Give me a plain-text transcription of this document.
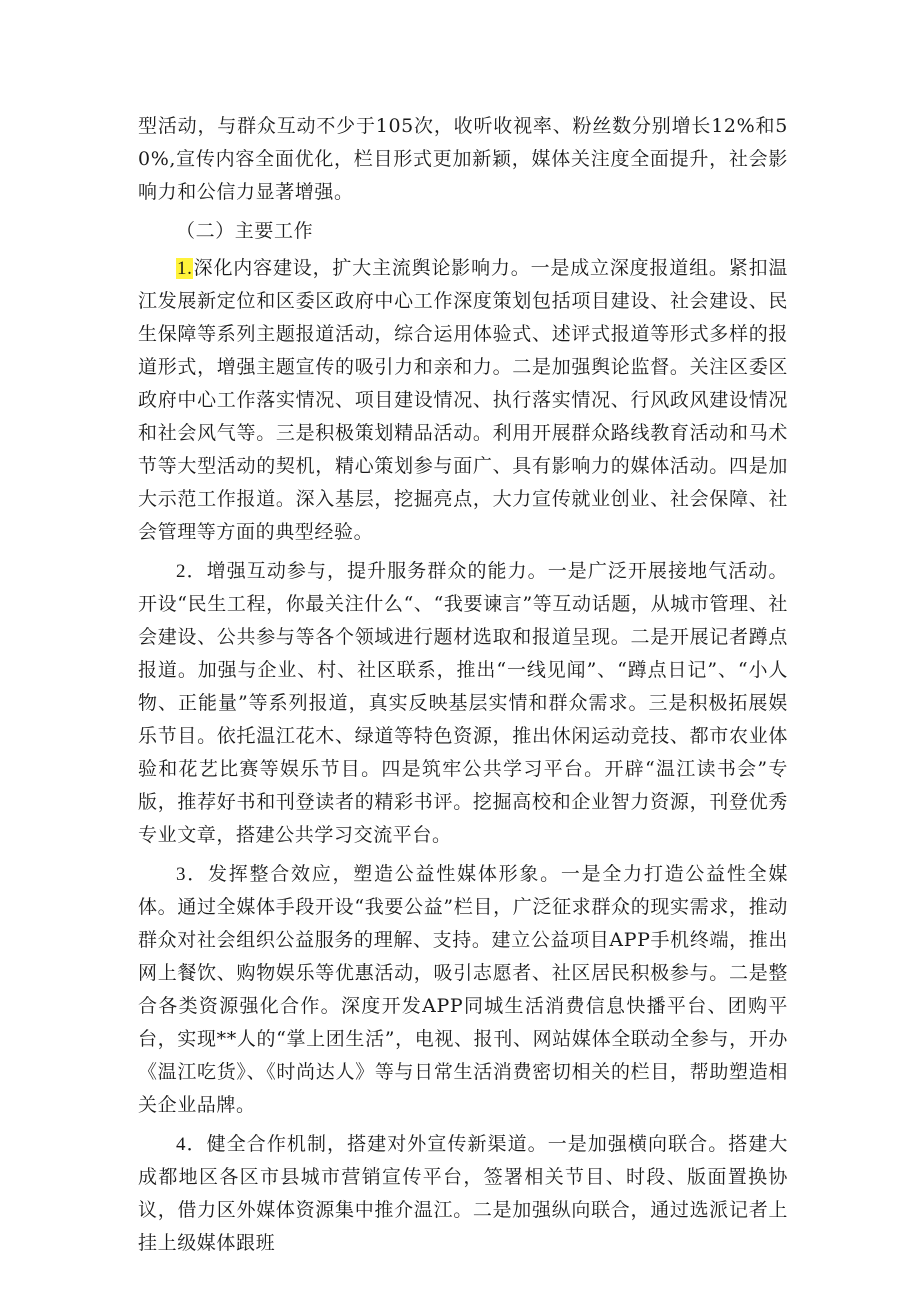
型活动，与群众互动不少于105次，收听收视率、粉丝数分别增长12%和50%,宣传内容全面优化，栏目形式更加新颖，媒体关注度全面提升，社会影响力和公信力显著增强。

（二）主要工作

1.深化内容建设，扩大主流舆论影响力。一是成立深度报道组。紧扣温江发展新定位和区委区政府中心工作深度策划包括项目建设、社会建设、民生保障等系列主题报道活动，综合运用体验式、述评式报道等形式多样的报道形式，增强主题宣传的吸引力和亲和力。二是加强舆论监督。关注区委区政府中心工作落实情况、项目建设情况、执行落实情况、行风政风建设情况和社会风气等。三是积极策划精品活动。利用开展群众路线教育活动和马术节等大型活动的契机，精心策划参与面广、具有影响力的媒体活动。四是加大示范工作报道。深入基层，挖掘亮点，大力宣传就业创业、社会保障、社会管理等方面的典型经验。

2．增强互动参与，提升服务群众的能力。一是广泛开展接地气活动。开设“民生工程，你最关注什么“、“我要谏言”等互动话题，从城市管理、社会建设、公共参与等各个领域进行题材选取和报道呈现。二是开展记者蹲点报道。加强与企业、村、社区联系，推出“一线见闻”、“蹲点日记”、“小人物、正能量”等系列报道，真实反映基层实情和群众需求。三是积极拓展娱乐节目。依托温江花木、绿道等特色资源，推出休闲运动竞技、都市农业体验和花艺比赛等娱乐节目。四是筑牢公共学习平台。开辟“温江读书会”专版，推荐好书和刊登读者的精彩书评。挖掘高校和企业智力资源，刊登优秀专业文章，搭建公共学习交流平台。

3．发挥整合效应，塑造公益性媒体形象。一是全力打造公益性全媒体。通过全媒体手段开设“我要公益”栏目，广泛征求群众的现实需求，推动群众对社会组织公益服务的理解、支持。建立公益项目APP手机终端，推出网上餐饮、购物娱乐等优惠活动，吸引志愿者、社区居民积极参与。二是整合各类资源强化合作。深度开发APP同城生活消费信息快播平台、团购平台，实现**人的“掌上团生活”，电视、报刊、网站媒体全联动全参与，开办《温江吃货》、《时尚达人》等与日常生活消费密切相关的栏目，帮助塑造相关企业品牌。

4．健全合作机制，搭建对外宣传新渠道。一是加强横向联合。搭建大成都地区各区市县城市营销宣传平台，签署相关节目、时段、版面置换协议，借力区外媒体资源集中推介温江。二是加强纵向联合，通过选派记者上挂上级媒体跟班
